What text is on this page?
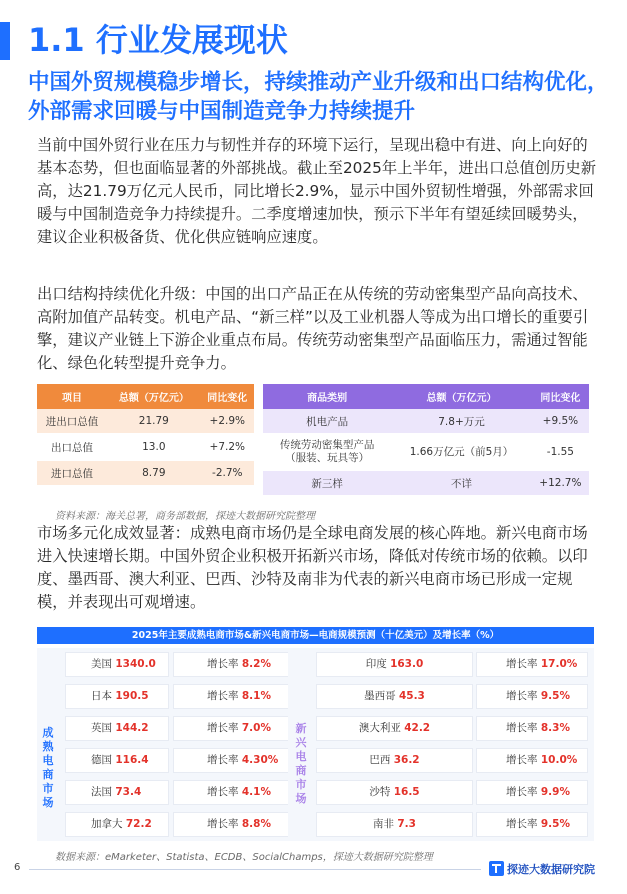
1.1 行业发展现状
中国外贸规模稳步增长，持续推动产业升级和出口结构优化，外部需求回暖与中国制造竞争力持续提升

当前中国外贸行业在压力与韧性并存的环境下运行，呈现出稳中有进、向上向好的基本态势，但也面临显著的外部挑战。截止至2025年上半年，进出口总值创历史新高，达21.79万亿元人民币，同比增长2.9%，显示中国外贸韧性增强，外部需求回暖与中国制造竞争力持续提升。二季度增速加快，预示下半年有望延续回暖势头，建议企业积极备货、优化供应链响应速度。

出口结构持续优化升级：中国的出口产品正在从传统的劳动密集型产品向高技术、高附加值产品转变。机电产品、“新三样”以及工业机器人等成为出口增长的重要引擎，建议产业链上下游企业重点布局。传统劳动密集型产品面临压力，需通过智能化、绿色化转型提升竞争力。

项目	总额（万亿元）	同比变化
进出口总值	21.79	+2.9%
出口总值	13.0	+7.2%
进口总值	8.79	-2.7%
商品类别	总额（万亿元）	同比变化
机电产品	7.8+万元	+9.5%
传统劳动密集型产品
（服装、玩具等）	1.66万亿元（前5月）	-1.55
新三样	不详	+12.7%
资料来源：海关总署，商务部数据，探迹大数据研究院整理

市场多元化成效显著：成熟电商市场仍是全球电商发展的核心阵地。新兴电商市场进入快速增长期。中国外贸企业积极开拓新兴市场，降低对传统市场的依赖。以印度、墨西哥、澳大利亚、巴西、沙特及南非为代表的新兴电商市场已形成一定规模，并表现出可观增速。

2025年主要成熟电商市场&新兴电商市场—电商规模预测（十亿美元）及增长率（%）
成熟电商市场
美国 1340.0	增长率 8.2%
日本 190.5	增长率 8.1%
英国 144.2	增长率 7.0%
德国 116.4	增长率 4.30%
法国 73.4	增长率 4.1%
加拿大 72.2	增长率 8.8%
新兴电商市场
印度 163.0	增长率 17.0%
墨西哥 45.3	增长率 9.5%
澳大利亚 42.2	增长率 8.3%
巴西 36.2	增长率 10.0%
沙特 16.5	增长率 9.9%
南非 7.3	增长率 9.5%
数据来源：eMarketer、Statista、ECDB、SocialChamps，探迹大数据研究院整理
6	探迹大数据研究院
